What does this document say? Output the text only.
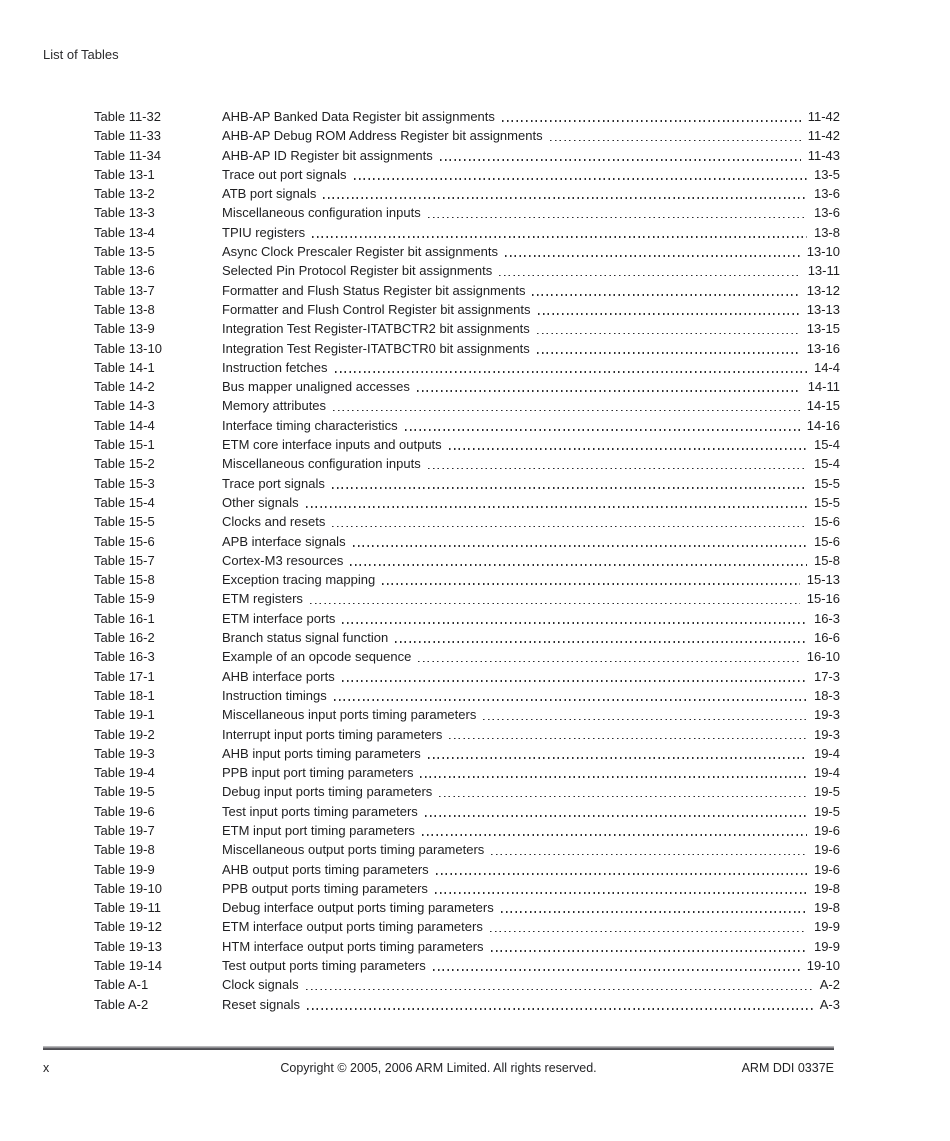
List of Tables
Table 11-32	AHB-AP Banked Data Register bit assignments	11-42
Table 11-33	AHB-AP Debug ROM Address Register bit assignments	11-42
Table 11-34	AHB-AP ID Register bit assignments	11-43
Table 13-1	Trace out port signals	13-5
Table 13-2	ATB port signals	13-6
Table 13-3	Miscellaneous configuration inputs	13-6
Table 13-4	TPIU registers	13-8
Table 13-5	Async Clock Prescaler Register bit assignments	13-10
Table 13-6	Selected Pin Protocol Register bit assignments	13-11
Table 13-7	Formatter and Flush Status Register bit assignments	13-12
Table 13-8	Formatter and Flush Control Register bit assignments	13-13
Table 13-9	Integration Test Register-ITATBCTR2 bit assignments	13-15
Table 13-10	Integration Test Register-ITATBCTR0 bit assignments	13-16
Table 14-1	Instruction fetches	14-4
Table 14-2	Bus mapper unaligned accesses	14-11
Table 14-3	Memory attributes	14-15
Table 14-4	Interface timing characteristics	14-16
Table 15-1	ETM core interface inputs and outputs	15-4
Table 15-2	Miscellaneous configuration inputs	15-4
Table 15-3	Trace port signals	15-5
Table 15-4	Other signals	15-5
Table 15-5	Clocks and resets	15-6
Table 15-6	APB interface signals	15-6
Table 15-7	Cortex-M3 resources	15-8
Table 15-8	Exception tracing mapping	15-13
Table 15-9	ETM registers	15-16
Table 16-1	ETM interface ports	16-3
Table 16-2	Branch status signal function	16-6
Table 16-3	Example of an opcode sequence	16-10
Table 17-1	AHB interface ports	17-3
Table 18-1	Instruction timings	18-3
Table 19-1	Miscellaneous input ports timing parameters	19-3
Table 19-2	Interrupt input ports timing parameters	19-3
Table 19-3	AHB input ports timing parameters	19-4
Table 19-4	PPB input port timing parameters	19-4
Table 19-5	Debug input ports timing parameters	19-5
Table 19-6	Test input ports timing parameters	19-5
Table 19-7	ETM input port timing parameters	19-6
Table 19-8	Miscellaneous output ports timing parameters	19-6
Table 19-9	AHB output ports timing parameters	19-6
Table 19-10	PPB output ports timing parameters	19-8
Table 19-11	Debug interface output ports timing parameters	19-8
Table 19-12	ETM interface output ports timing parameters	19-9
Table 19-13	HTM interface output ports timing parameters	19-9
Table 19-14	Test output ports timing parameters	19-10
Table A-1	Clock signals	A-2
Table A-2	Reset signals	A-3
x	Copyright © 2005, 2006 ARM Limited. All rights reserved.	ARM DDI 0337E
